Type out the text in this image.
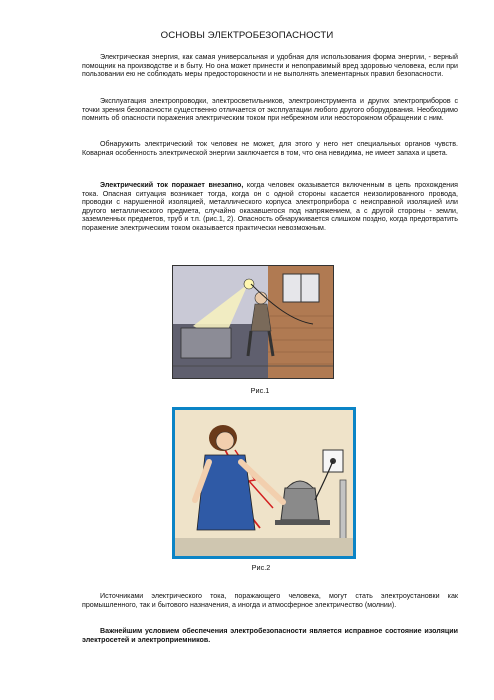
ОСНОВЫ ЭЛЕКТРОБЕЗОПАСНОСТИ

Электрическая энергия, как самая универсальная и удобная для использования форма энергии, - верный помощник на производстве и в быту. Но она может принести и непоправимый вред здоровью человека, если при пользовании ею не соблюдать меры предосторожности и не выполнять элементарных правил безопасности.

Эксплуатация электропроводки, электросветильников, электроинструмента и других электроприборов с точки зрения безопасности существенно отличается от эксплуатации любого другого оборудования. Необходимо помнить об опасности поражения электрическим током при небрежном или неосторожном обращении с ним.

Обнаружить электрический ток человек не может, для этого у него нет специальных органов чувств. Коварная особенность электрической энергии заключается в том, что она невидима, не имеет запаха и цвета.

Электрический ток поражает внезапно, когда человек оказывается включенным в цепь прохождения тока. Опасная ситуация возникает тогда, когда он с одной стороны касается неизолированного провода, проводки с нарушенной изоляцией, металлического корпуса электроприбора с неисправной изоляцией или другого металлического предмета, случайно оказавшегося под напряжением, а с другой стороны - земли, заземленных предметов, труб и т.п. (рис.1, 2). Опасность обнаруживается слишком поздно, когда предотвратить поражение электрическим током оказывается практически невозможным.

Рис.1
Рис.2

Источниками электрического тока, поражающего человека, могут стать электроустановки как промышленного, так и бытового назначения, а иногда и атмосферное электричество (молнии).

Важнейшим условием обеспечения электробезопасности является исправное состояние изоляции электросетей и электроприемников.
